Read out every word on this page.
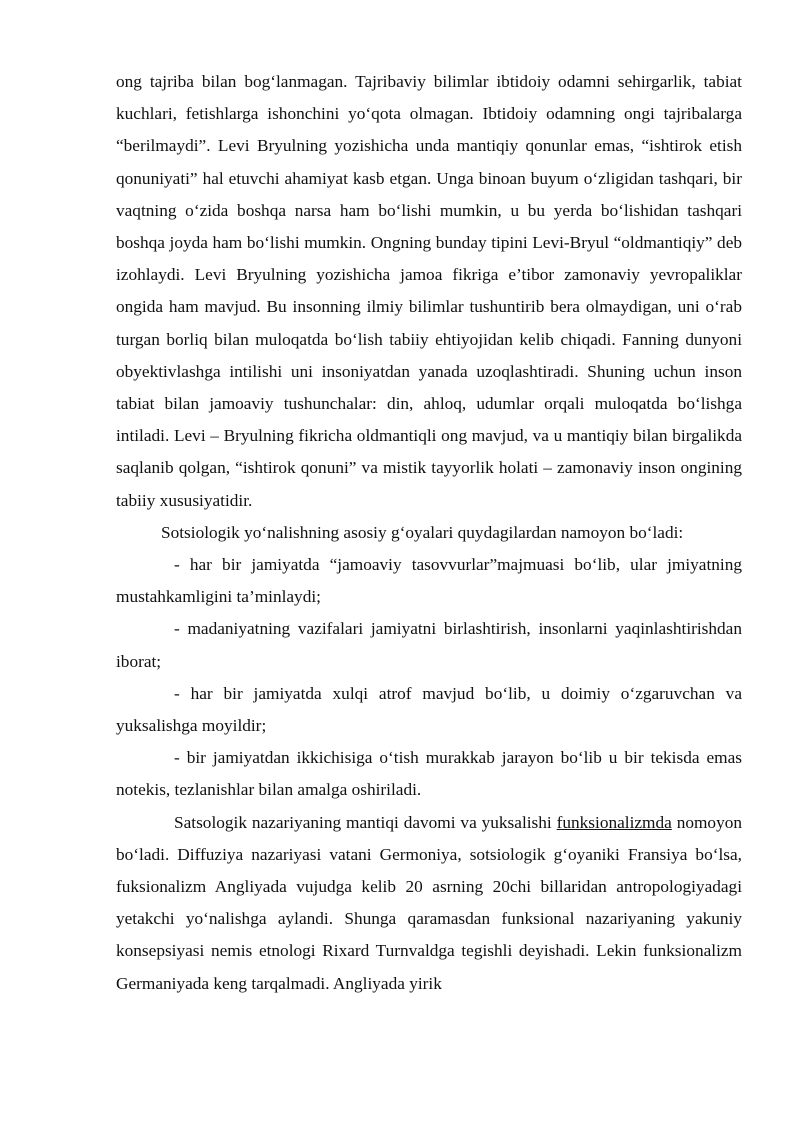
ong tajriba bilan bog‘lanmagan. Tajribaviy bilimlar ibtidoiy odamni sehirgarlik, tabiat kuchlari, fetishlarga ishonchini yo‘qota olmagan. Ibtidoiy odamning ongi tajribalarga “berilmaydi”. Levi Bryulning yozishicha unda mantiqiy qonunlar emas, “ishtirok etish qonuniyati” hal etuvchi ahamiyat kasb etgan. Unga binoan buyum o‘zligidan tashqari, bir vaqtning o‘zida boshqa narsa ham bo‘lishi mumkin, u bu yerda bo‘lishidan tashqari boshqa joyda ham bo‘lishi mumkin. Ongning bunday tipini Levi-Bryul “oldmantiqiy” deb izohlaydi. Levi Bryulning yozishicha jamoa fikriga e’tibor zamonaviy yevropaliklar ongida ham mavjud. Bu insonning ilmiy bilimlar tushuntirib bera olmaydigan, uni o‘rab turgan borliq bilan muloqatda bo‘lish tabiiy ehtiyojidan kelib chiqadi. Fanning dunyoni obyektivlashga intilishi uni insoniyatdan yanada uzoqlashtiradi. Shuning uchun inson tabiat bilan jamoaviy tushunchalar: din, ahloq, udumlar orqali muloqatda bo‘lishga intiladi. Levi – Bryulning fikricha oldmantiqli ong mavjud, va u mantiqiy bilan birgalikda saqlanib qolgan, “ishtirok qonuni” va mistik tayyorlik holati – zamonaviy inson ongining tabiiy xususiyatidir.

Sotsiologik yo‘nalishning asosiy g‘oyalari quydagilardan namoyon bo‘ladi:

- har bir jamiyatda “jamoaviy tasovvurlar”majmuasi bo‘lib, ular jmiyatning mustahkamligini ta’minlaydi;

- madaniyatning vazifalari jamiyatni birlashtirish, insonlarni yaqinlashtirishdan iborat;

- har bir jamiyatda xulqi atrof mavjud bo‘lib, u doimiy o‘zgaruvchan va yuksalishga moyildir;

- bir jamiyatdan ikkichisiga o‘tish murakkab jarayon bo‘lib u bir tekisda emas notekis, tezlanishlar bilan amalga oshiriladi.

Satsologik nazariyaning mantiqi davomi va yuksalishi funksionalizmda nomoyon bo‘ladi. Diffuziya nazariyasi vatani Germoniya, sotsiologik g‘oyaniki Fransiya bo‘lsa, fuksionalizm Angliyada vujudga kelib 20 asrning 20chi billaridan antropologiyadagi yetakchi yo‘nalishga aylandi. Shunga qaramasdan funksional nazariyaning yakuniy konsepsiyasi nemis etnologi Rixard Turnvaldga tegishli deyishadi. Lekin funksionalizm Germaniyada keng tarqalmadi. Angliyada yirik
